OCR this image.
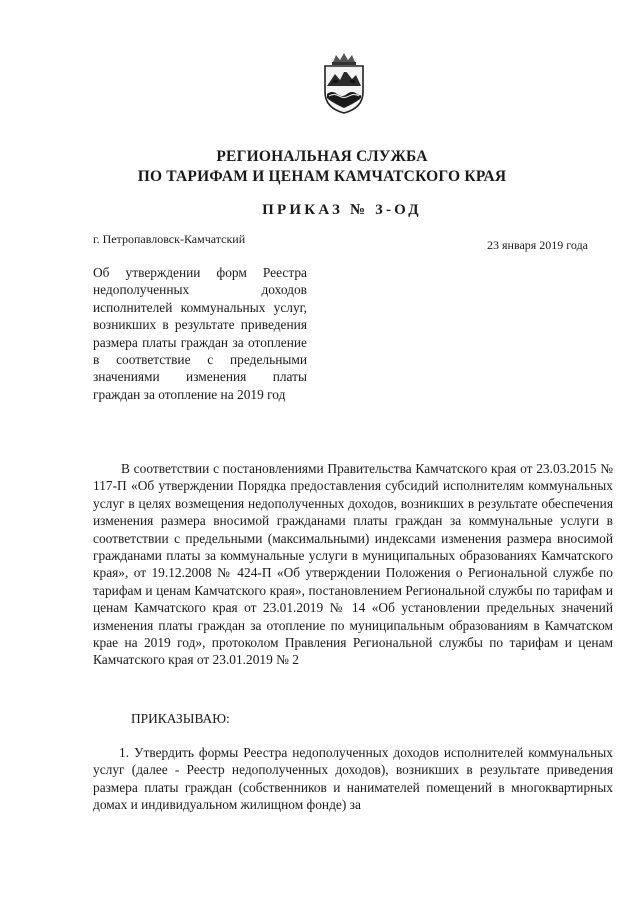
РЕГИОНАЛЬНАЯ СЛУЖБА
ПО ТАРИФАМ И ЦЕНАМ КАМЧАТСКОГО КРАЯ
ПРИКАЗ № 3-ОД
г. Петропавловск-Камчатский	23 января 2019 года
Об утверждении форм Реестра недополученных доходов исполнителей коммунальных услуг, возникших в результате приведения размера платы граждан за отопление в соответствие с предельными значениями изменения платы граждан за отопление на 2019 год
В соответствии с постановлениями Правительства Камчатского края от 23.03.2015 № 117-П «Об утверждении Порядка предоставления субсидий исполнителям коммунальных услуг в целях возмещения недополученных доходов, возникших в результате обеспечения изменения размера вносимой гражданами платы граждан за коммунальные услуги в соответствии с предельными (максимальными) индексами изменения размера вносимой гражданами платы за коммунальные услуги в муниципальных образованиях Камчатского края», от 19.12.2008 № 424-П «Об утверждении Положения о Региональной службе по тарифам и ценам Камчатского края», постановлением Региональной службы по тарифам и ценам Камчатского края от 23.01.2019 № 14 «Об установлении предельных значений изменения платы граждан за отопление по муниципальным образованиям в Камчатском крае на 2019 год», протоколом Правления Региональной службы по тарифам и ценам Камчатского края от 23.01.2019 № 2
ПРИКАЗЫВАЮ:
1. Утвердить формы Реестра недополученных доходов исполнителей коммунальных услуг (далее - Реестр недополученных доходов), возникших в результате приведения размера платы граждан (собственников и нанимателей помещений в многоквартирных домах и индивидуальном жилищном фонде) за
